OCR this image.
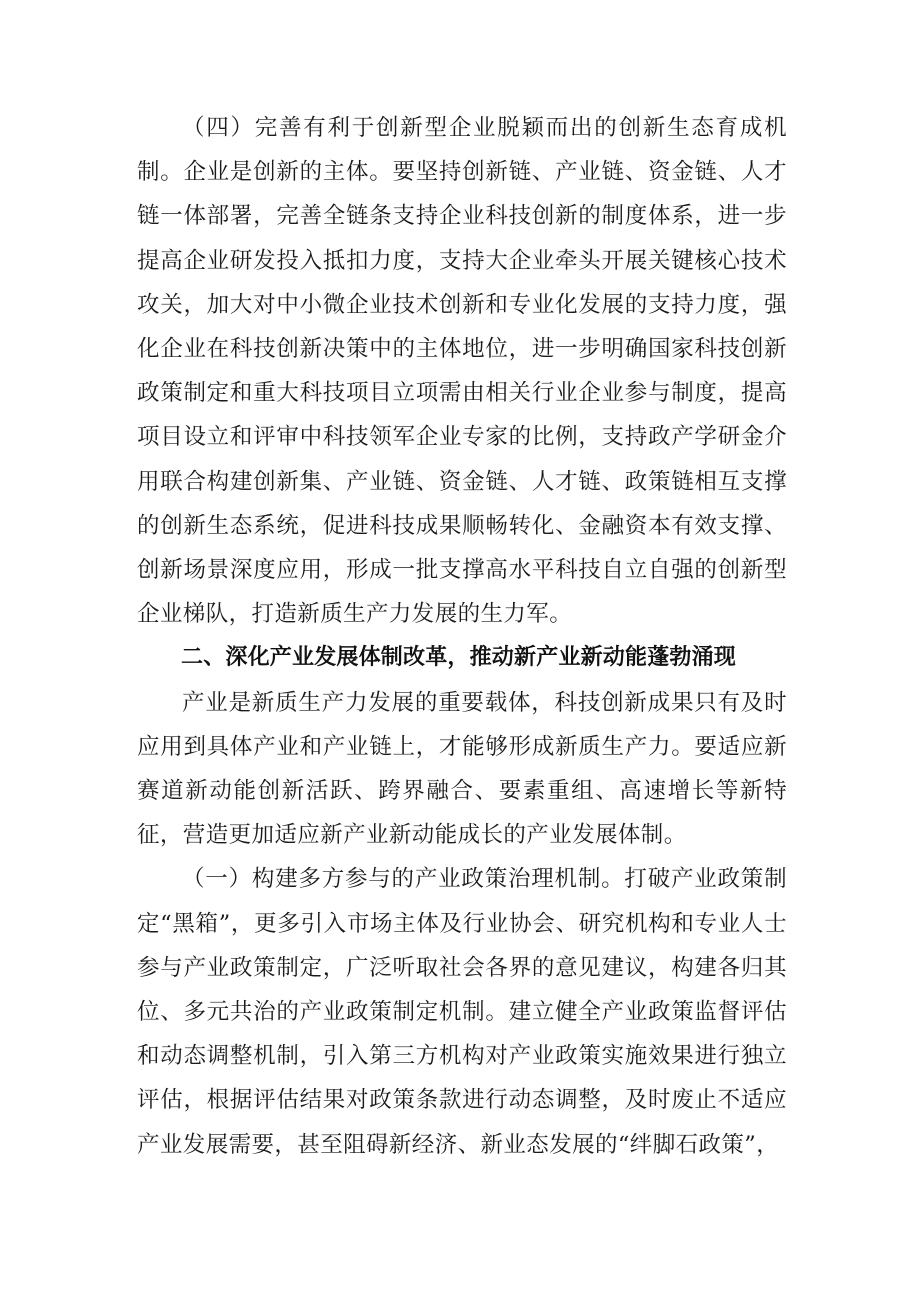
（四）完善有利于创新型企业脱颖而出的创新生态育成机制。企业是创新的主体。要坚持创新链、产业链、资金链、人才链一体部署，完善全链条支持企业科技创新的制度体系，进一步提高企业研发投入抵扣力度，支持大企业牵头开展关键核心技术攻关，加大对中小微企业技术创新和专业化发展的支持力度，强化企业在科技创新决策中的主体地位，进一步明确国家科技创新政策制定和重大科技项目立项需由相关行业企业参与制度，提高项目设立和评审中科技领军企业专家的比例，支持政产学研金介用联合构建创新集、产业链、资金链、人才链、政策链相互支撑的创新生态系统，促进科技成果顺畅转化、金融资本有效支撑、创新场景深度应用，形成一批支撑高水平科技自立自强的创新型企业梯队，打造新质生产力发展的生力军。

二、深化产业发展体制改革，推动新产业新动能蓬勃涌现

产业是新质生产力发展的重要载体，科技创新成果只有及时应用到具体产业和产业链上，才能够形成新质生产力。要适应新赛道新动能创新活跃、跨界融合、要素重组、高速增长等新特征，营造更加适应新产业新动能成长的产业发展体制。

（一）构建多方参与的产业政策治理机制。打破产业政策制定“黑箱”，更多引入市场主体及行业协会、研究机构和专业人士参与产业政策制定，广泛听取社会各界的意见建议，构建各归其位、多元共治的产业政策制定机制。建立健全产业政策监督评估和动态调整机制，引入第三方机构对产业政策实施效果进行独立评估，根据评估结果对政策条款进行动态调整，及时废止不适应产业发展需要，甚至阻碍新经济、新业态发展的“绊脚石政策”，
